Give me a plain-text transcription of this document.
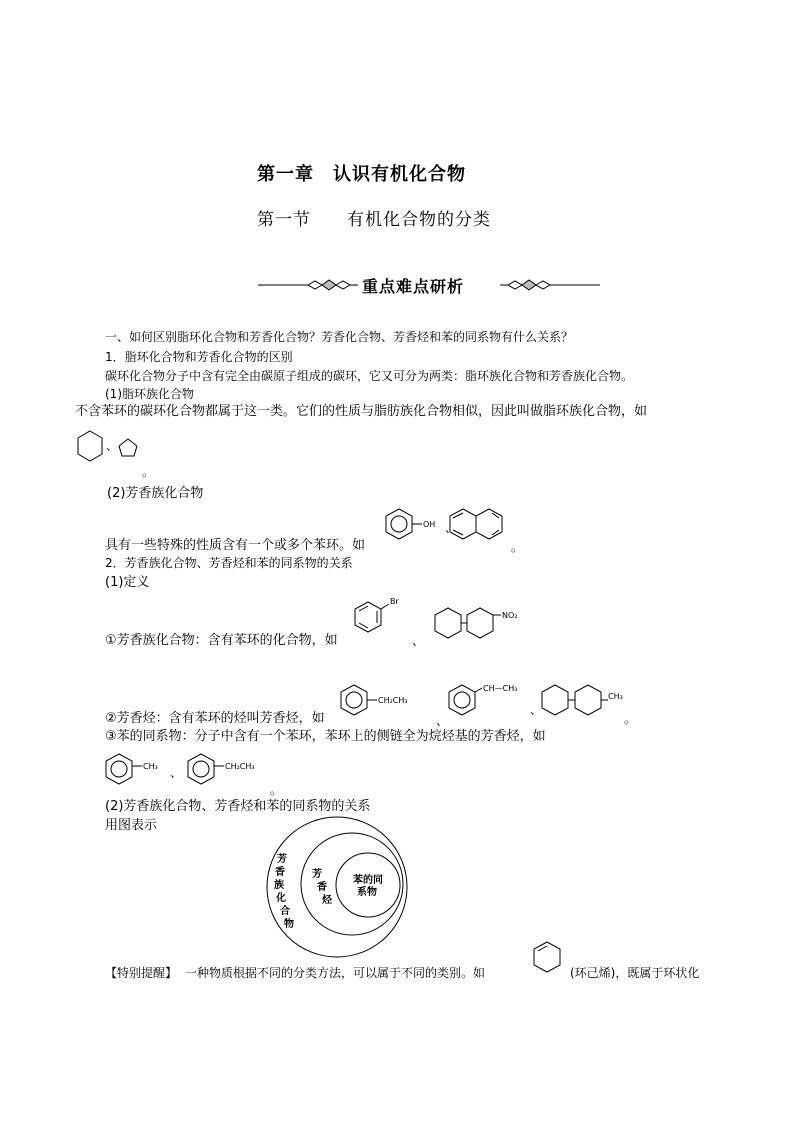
第一章　认识有机化合物
第一节　　有机化合物的分类
重点难点研析
一、如何区别脂环化合物和芳香化合物？芳香化合物、芳香烃和苯的同系物有什么关系？
1．脂环化合物和芳香化合物的区别
碳环化合物分子中含有完全由碳原子组成的碳环，它又可分为两类：脂环族化合物和芳香族化合物。
(1)脂环族化合物
不含苯环的碳环化合物都属于这一类。它们的性质与脂肪族化合物相似，因此叫做脂环族化合物，如
、
。
(2)芳香族化合物
OH 、
具有一些特殊的性质含有一个或多个苯环。如	。
2．芳香族化合物、芳香烃和苯的同系物的关系
(1)定义
Br
NO₂
、
①芳香族化合物：含有苯环的化合物，如
CH₂CH₃
CH—CH₃
CH₃
、
、
。
②芳香烃：含有苯环的烃叫芳香烃，如
③苯的同系物：分子中含有一个苯环，苯环上的侧链全为烷烃基的芳香烃，如
CH₃	CH₂CH₃
、
。
(2)芳香族化合物、芳香烃和苯的同系物的关系
用图表示
芳香族化合物
芳香烃
苯的同系物
【特别提醒】 一种物质根据不同的分类方法，可以属于不同的类别。如	(环己烯)，既属于环状化
